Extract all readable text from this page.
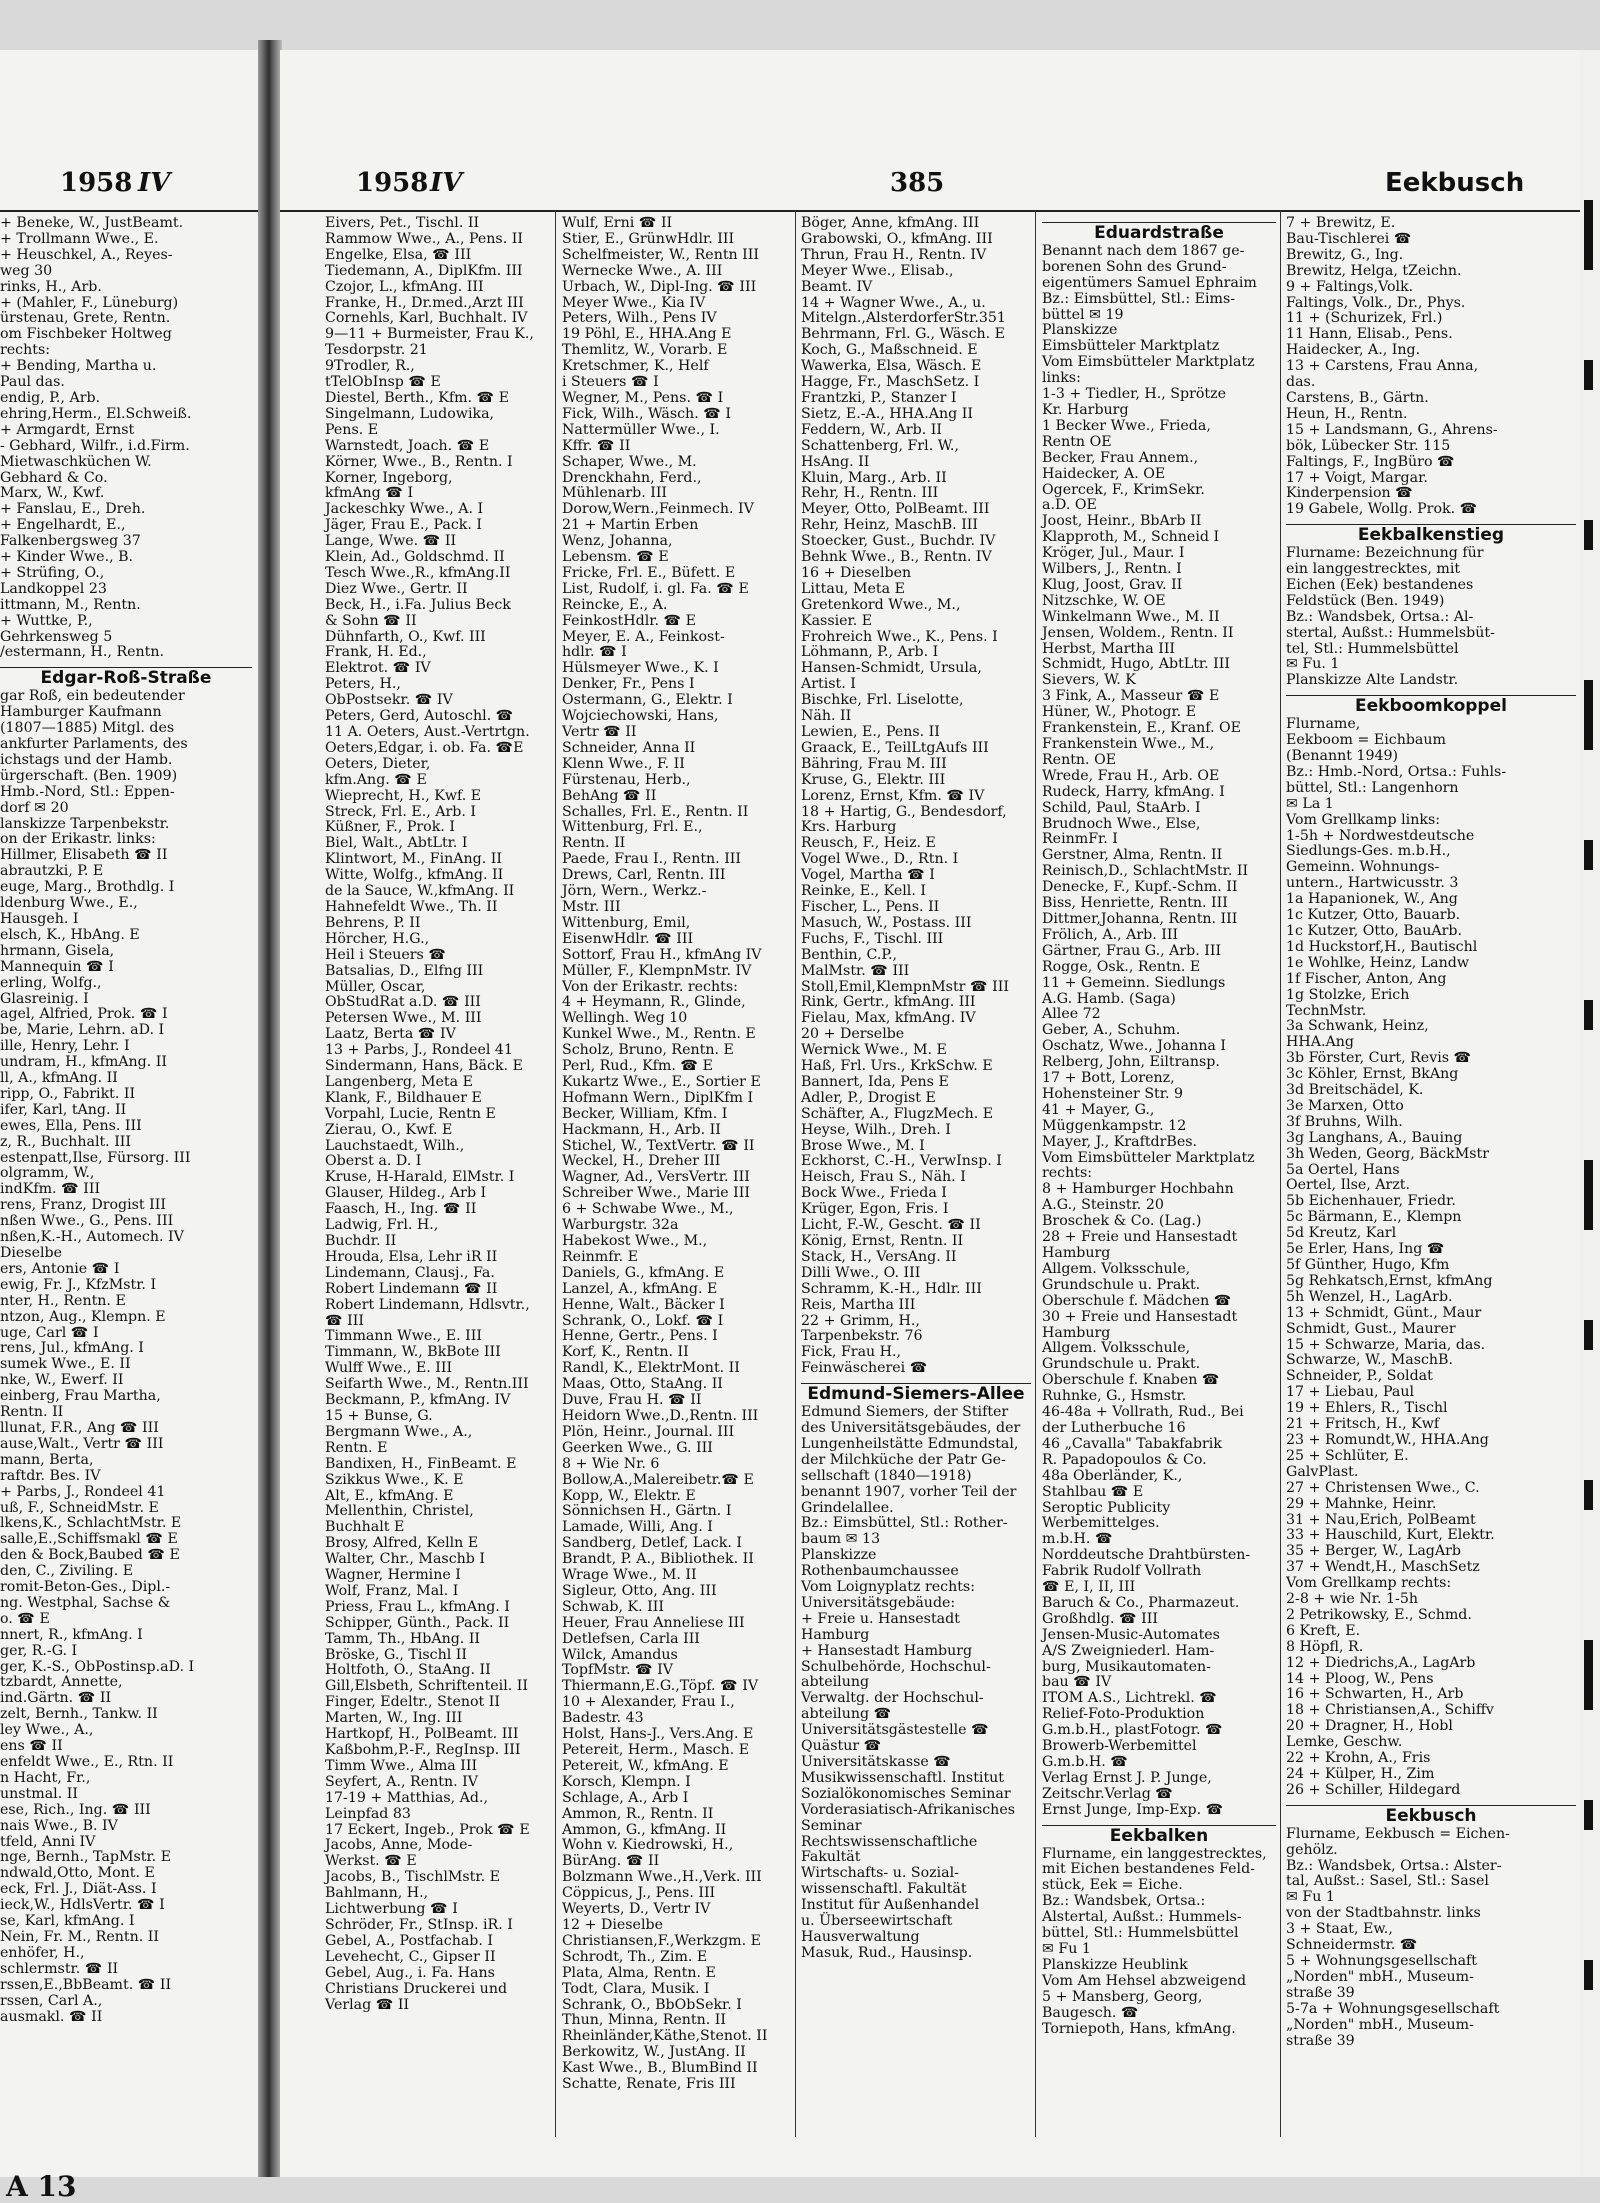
1958 IV
+ Beneke, W., JustBeamt.
+ Trollmann Wwe., E.
+ Heuschkel, A., Reyes-
weg 30
rinks, H., Arb.
+ (Mahler, F., Lüneburg)
ürstenau, Grete, Rentn.
om Fischbeker Holtweg
rechts:
+ Bending, Martha u.
Paul das.
endig, P., Arb.
ehring,Herm., El.Schweiß.
+ Armgardt, Ernst
- Gebhard, Wilfr., i.d.Firm.
Mietwaschküchen W.
Gebhard & Co.
Marx, W., Kwf.
+ Fanslau, E., Dreh.
+ Engelhardt, E.,
Falkenbergsweg 37
+ Kinder Wwe., B.
+ Strüfing, O.,
Landkoppel 23
ittmann, M., Rentn.
+ Wuttke, P.,
Gehrkensweg 5
/estermann, H., Rentn.
Edgar-Roß-Straße
gar Roß, ein bedeutender
Hamburger Kaufmann
(1807—1885) Mitgl. des
ankfurter Parlaments, des
ichstags und der Hamb.
ürgerschaft. (Ben. 1909)
Hmb.-Nord, Stl.: Eppen-
dorf ✉ 20
lanskizze Tarpenbekstr.
on der Erikastr. links:
Hillmer, Elisabeth ☎ II
abrautzki, P. E
euge, Marg., Brothdlg. I
ldenburg Wwe., E.,
Hausgeh. I
elsch, K., HbAng. E
hrmann, Gisela,
Mannequin ☎ I
erling, Wolfg.,
Glasreinig. I
agel, Alfried, Prok. ☎ I
be, Marie, Lehrn. aD. I
ille, Henry, Lehr. I
undram, H., kfmAng. II
ll, A., kfmAng. II
ripp, O., Fabrikt. II
ifer, Karl, tAng. II
ewes, Ella, Pens. III
z, R., Buchhalt. III
estenpatt,Ilse, Fürsorg. III
olgramm, W.,
indKfm. ☎ III
rens, Franz, Drogist III
nßen Wwe., G., Pens. III
nßen,K.-H., Automech. IV
Dieselbe
ers, Antonie ☎ I
ewig, Fr. J., KfzMstr. I
nter, H., Rentn. E
ntzon, Aug., Klempn. E
uge, Carl ☎ I
rens, Jul., kfmAng. I
sumek Wwe., E. II
nke, W., Ewerf. II
einberg, Frau Martha,
Rentn. II
llunat, F.R., Ang ☎ III
ause,Walt., Vertr ☎ III
mann, Berta,
raftdr. Bes. IV
+ Parbs, J., Rondeel 41
uß, F., SchneidMstr. E
lkens,K., SchlachtMstr. E
salle,E.,Schiffsmakl ☎ E
den & Bock,Baubed ☎ E
den, C., Ziviling. E
romit-Beton-Ges., Dipl.-
ng. Westphal, Sachse &
o. ☎ E
nnert, R., kfmAng. I
ger, R.-G. I
ger, K.-S., ObPostinsp.aD. I
tzbardt, Annette,
ind.Gärtn. ☎ II
zelt, Bernh., Tankw. II
ley Wwe., A.,
ens ☎ II
enfeldt Wwe., E., Rtn. II
n Hacht, Fr.,
unstmal. II
ese, Rich., Ing. ☎ III
nais Wwe., B. IV
tfeld, Anni IV
nge, Bernh., TapMstr. E
ndwald,Otto, Mont. E
eck, Frl. J., Diät-Ass. I
ieck,W., HdlsVertr. ☎ I
se, Karl, kfmAng. I
Nein, Fr. M., Rentn. II
enhöfer, H.,
schlermstr. ☎ II
rssen,E.,BbBeamt. ☎ II
rssen, Carl A.,
ausmakl. ☎ II
A 13
1958 IV	385	Eekbusch
Eivers, Pet., Tischl. II
Rammow Wwe., A., Pens. II
Engelke, Elsa, ☎ III
Tiedemann, A., DiplKfm. III
Czojor, L., kfmAng. III
Franke, H., Dr.med.,Arzt III
Cornehls, Karl, Buchhalt. IV
9—11 + Burmeister, Frau K.,
Tesdorpstr. 21
9Trodler, R.,
tTelObInsp ☎ E
Diestel, Berth., Kfm. ☎ E
Singelmann, Ludowika,
Pens. E
Warnstedt, Joach. ☎ E
Körner, Wwe., B., Rentn. I
Korner, Ingeborg,
kfmAng ☎ I
Jackeschky Wwe., A. I
Jäger, Frau E., Pack. I
Lange, Wwe. ☎ II
Klein, Ad., Goldschmd. II
Tesch Wwe.,R., kfmAng.II
Diez Wwe., Gertr. II
Beck, H., i.Fa. Julius Beck
& Sohn ☎ II
Dühnfarth, O., Kwf. III
Frank, H. Ed.,
Elektrot. ☎ IV
Peters, H.,
ObPostsekr. ☎ IV
Peters, Gerd, Autoschl. ☎
11 A. Oeters, Aust.-Vertrtgn.
Oeters,Edgar, i. ob. Fa. ☎E
Oeters, Dieter,
kfm.Ang. ☎ E
Wieprecht, H., Kwf. E
Streck, Frl. E., Arb. I
Küßner, F., Prok. I
Biel, Walt., AbtLtr. I
Klintwort, M., FinAng. II
Witte, Wolfg., kfmAng. II
de la Sauce, W.,kfmAng. II
Hahnefeldt Wwe., Th. II
Behrens, P. II
Hörcher, H.G.,
Heil i Steuers ☎
Batsalias, D., Elfng III
Müller, Oscar,
ObStudRat a.D. ☎ III
Petersen Wwe., M. III
Laatz, Berta ☎ IV
13 + Parbs, J., Rondeel 41
Sindermann, Hans, Bäck. E
Langenberg, Meta E
Klank, F., Bildhauer E
Vorpahl, Lucie, Rentn E
Zierau, O., Kwf. E
Lauchstaedt, Wilh.,
Oberst a. D. I
Kruse, H-Harald, ElMstr. I
Glauser, Hildeg., Arb I
Faasch, H., Ing. ☎ II
Ladwig, Frl. H.,
Buchdr. II
Hrouda, Elsa, Lehr iR II
Lindemann, Clausj., Fa.
Robert Lindemann ☎ II
Robert Lindemann, Hdlsvtr.,
☎ III
Timmann Wwe., E. III
Timmann, W., BkBote III
Wulff Wwe., E. III
Seifarth Wwe., M., Rentn.III
Beckmann, P., kfmAng. IV
15 + Bunse, G.
Bergmann Wwe., A.,
Rentn. E
Bandixen, H., FinBeamt. E
Szikkus Wwe., K. E
Alt, E., kfmAng. E
Mellenthin, Christel,
Buchhalt E
Brosy, Alfred, Kelln E
Walter, Chr., Maschb I
Wagner, Hermine I
Wolf, Franz, Mal. I
Priess, Frau L., kfmAng. I
Schipper, Günth., Pack. II
Tamm, Th., HbAng. II
Bröske, G., Tischl II
Holtfoth, O., StaAng. II
Gill,Elsbeth, Schriftenteil. II
Finger, Edeltr., Stenot II
Marten, W., Ing. III
Hartkopf, H., PolBeamt. III
Kaßbohm,P.-F., RegInsp. III
Timm Wwe., Alma III
Seyfert, A., Rentn. IV
17-19 + Matthias, Ad.,
Leinpfad 83
17 Eckert, Ingeb., Prok ☎ E
Jacobs, Anne, Mode-
Werkst. ☎ E
Jacobs, B., TischlMstr. E
Bahlmann, H.,
Lichtwerbung ☎ I
Schröder, Fr., StInsp. iR. I
Gebel, A., Postfachab. I
Levehecht, C., Gipser II
Gebel, Aug., i. Fa. Hans
Christians Druckerei und
Verlag ☎ II
Wulf, Erni ☎ II
Stier, E., GrünwHdlr. III
Schelfmeister, W., Rentn III
Wernecke Wwe., A. III
Urbach, W., Dipl-Ing. ☎ III
Meyer Wwe., Kia IV
Peters, Wilh., Pens IV
19 Pöhl, E., HHA.Ang E
Themlitz, W., Vorarb. E
Kretschmer, K., Helf
i Steuers ☎ I
Wegner, M., Pens. ☎ I
Fick, Wilh., Wäsch. ☎ I
Nattermüller Wwe., I.
Kffr. ☎ II
Schaper, Wwe., M.
Drenckhahn, Ferd.,
Mühlenarb. III
Dorow,Wern.,Feinmech. IV
21 + Martin Erben
Wenz, Johanna,
Lebensm. ☎ E
Fricke, Frl. E., Büfett. E
List, Rudolf, i. gl. Fa. ☎ E
Reincke, E., A.
FeinkostHdlr. ☎ E
Meyer, E. A., Feinkost-
hdlr. ☎ I
Hülsmeyer Wwe., K. I
Denker, Fr., Pens I
Ostermann, G., Elektr. I
Wojciechowski, Hans,
Vertr ☎ II
Schneider, Anna II
Klenn Wwe., F. II
Fürstenau, Herb.,
BehAng ☎ II
Schalles, Frl. E., Rentn. II
Wittenburg, Frl. E.,
Rentn. II
Paede, Frau I., Rentn. III
Drews, Carl, Rentn. III
Jörn, Wern., Werkz.-
Mstr. III
Wittenburg, Emil,
EisenwHdlr. ☎ III
Sottorf, Frau H., kfmAng IV
Müller, F., KlempnMstr. IV
Von der Erikastr. rechts:
4 + Heymann, R., Glinde,
Wellingh. Weg 10
Kunkel Wwe., M., Rentn. E
Scholz, Bruno, Rentn. E
Perl, Rud., Kfm. ☎ E
Kukartz Wwe., E., Sortier E
Hofmann Wern., DiplKfm I
Becker, William, Kfm. I
Hackmann, H., Arb. II
Stichel, W., TextVertr. ☎ II
Weckel, H., Dreher III
Wagner, Ad., VersVertr. III
Schreiber Wwe., Marie III
6 + Schwabe Wwe., M.,
Warburgstr. 32a
Habekost Wwe., M.,
Reinmfr. E
Daniels, G., kfmAng. E
Lanzel, A., kfmAng. E
Henne, Walt., Bäcker I
Schrank, O., Lokf. ☎ I
Henne, Gertr., Pens. I
Korf, K., Rentn. II
Randl, K., ElektrMont. II
Maas, Otto, StaAng. II
Duve, Frau H. ☎ II
Heidorn Wwe.,D.,Rentn. III
Plön, Heinr., Journal. III
Geerken Wwe., G. III
8 + Wie Nr. 6
Bollow,A.,Malereibetr.☎ E
Kopp, W., Elektr. E
Sönnichsen H., Gärtn. I
Lamade, Willi, Ang. I
Sandberg, Detlef, Lack. I
Brandt, P. A., Bibliothek. II
Wrage Wwe., M. II
Sigleur, Otto, Ang. III
Schwab, K. III
Heuer, Frau Anneliese III
Detlefsen, Carla III
Wilck, Amandus
TopfMstr. ☎ IV
Thiermann,E.G.,Töpf. ☎ IV
10 + Alexander, Frau I.,
Badestr. 43
Holst, Hans-J., Vers.Ang. E
Petereit, Herm., Masch. E
Petereit, W., kfmAng. E
Korsch, Klempn. I
Schlage, A., Arb I
Ammon, R., Rentn. II
Ammon, G., kfmAng. II
Wohn v. Kiedrowski, H.,
BürAng. ☎ II
Bolzmann Wwe.,H.,Verk. III
Cöppicus, J., Pens. III
Weyerts, D., Vertr IV
12 + Dieselbe
Christiansen,F.,Werkzgm. E
Schrodt, Th., Zim. E
Plata, Alma, Rentn. E
Todt, Clara, Musik. I
Schrank, O., BbObSekr. I
Thun, Minna, Rentn. II
Rheinländer,Käthe,Stenot. II
Berkowitz, W., JustAng. II
Kast Wwe., B., BlumBind II
Schatte, Renate, Fris III
Böger, Anne, kfmAng. III
Grabowski, O., kfmAng. III
Thrun, Frau H., Rentn. IV
Meyer Wwe., Elisab.,
Beamt. IV
14 + Wagner Wwe., A., u.
Mitelgn.,AlsterdorferStr.351
Behrmann, Frl. G., Wäsch. E
Koch, G., Maßschneid. E
Wawerka, Elsa, Wäsch. E
Hagge, Fr., MaschSetz. I
Frantzki, P., Stanzer I
Sietz, E.-A., HHA.Ang II
Feddern, W., Arb. II
Schattenberg, Frl. W.,
HsAng. II
Kluin, Marg., Arb. II
Rehr, H., Rentn. III
Meyer, Otto, PolBeamt. III
Rehr, Heinz, MaschB. III
Stoecker, Gust., Buchdr. IV
Behnk Wwe., B., Rentn. IV
16 + Dieselben
Littau, Meta E
Gretenkord Wwe., M.,
Kassier. E
Frohreich Wwe., K., Pens. I
Löhmann, P., Arb. I
Hansen-Schmidt, Ursula,
Artist. I
Bischke, Frl. Liselotte,
Näh. II
Lewien, E., Pens. II
Graack, E., TeilLtgAufs III
Bähring, Frau M. III
Kruse, G., Elektr. III
Lorenz, Ernst, Kfm. ☎ IV
18 + Hartig, G., Bendesdorf,
Krs. Harburg
Reusch, F., Heiz. E
Vogel Wwe., D., Rtn. I
Vogel, Martha ☎ I
Reinke, E., Kell. I
Fischer, L., Pens. II
Masuch, W., Postass. III
Fuchs, F., Tischl. III
Benthin, C.P.,
MalMstr. ☎ III
Stoll,Emil,KlempnMstr ☎ III
Rink, Gertr., kfmAng. III
Fielau, Max, kfmAng. IV
20 + Derselbe
Wernick Wwe., M. E
Haß, Frl. Urs., KrkSchw. E
Bannert, Ida, Pens E
Adler, P., Drogist E
Schäfter, A., FlugzMech. E
Heyse, Wilh., Dreh. I
Brose Wwe., M. I
Eckhorst, C.-H., VerwInsp. I
Heisch, Frau S., Näh. I
Bock Wwe., Frieda I
Krüger, Egon, Fris. I
Licht, F.-W., Gescht. ☎ II
König, Ernst, Rentn. II
Stack, H., VersAng. II
Dilli Wwe., O. III
Schramm, K.-H., Hdlr. III
Reis, Martha III
22 + Grimm, H.,
Tarpenbekstr. 76
Fick, Frau H.,
Feinwäscherei ☎
Edmund-Siemers-Allee
Edmund Siemers, der Stifter
des Universitätsgebäudes, der
Lungenheilstätte Edmundstal,
der Milchküche der Patr Ge-
sellschaft (1840—1918)
benannt 1907, vorher Teil der
Grindelallee.
Bz.: Eimsbüttel, Stl.: Rother-
baum ✉ 13
Planskizze
Rothenbaumchaussee
Vom Loignyplatz rechts:
Universitätsgebäude:
+ Freie u. Hansestadt
Hamburg
+ Hansestadt Hamburg
Schulbehörde, Hochschul-
abteilung
Verwaltg. der Hochschul-
abteilung ☎
Universitätsgästestelle ☎
Quästur ☎
Universitätskasse ☎
Musikwissenschaftl. Institut
Sozialökonomisches Seminar
Vorderasiatisch-Afrikanisches
Seminar
Rechtswissenschaftliche
Fakultät
Wirtschafts- u. Sozial-
wissenschaftl. Fakultät
Institut für Außenhandel
u. Überseewirtschaft
Hausverwaltung
Masuk, Rud., Hausinsp.
Eduardstraße
Benannt nach dem 1867 ge-
borenen Sohn des Grund-
eigentümers Samuel Ephraim
Bz.: Eimsbüttel, Stl.: Eims-
büttel ✉ 19
Planskizze
Eimsbütteler Marktplatz
Vom Eimsbütteler Marktplatz
links:
1-3 + Tiedler, H., Sprötze
Kr. Harburg
1 Becker Wwe., Frieda,
Rentn OE
Becker, Frau Annem.,
Haidecker, A. OE
Ogercek, F., KrimSekr.
a.D. OE
Joost, Heinr., BbArb II
Klapproth, M., Schneid I
Kröger, Jul., Maur. I
Wilbers, J., Rentn. I
Klug, Joost, Grav. II
Nitzschke, W. OE
Winkelmann Wwe., M. II
Jensen, Woldem., Rentn. II
Herbst, Martha III
Schmidt, Hugo, AbtLtr. III
Sievers, W. K
3 Fink, A., Masseur ☎ E
Hüner, W., Photogr. E
Frankenstein, E., Kranf. OE
Frankenstein Wwe., M.,
Rentn. OE
Wrede, Frau H., Arb. OE
Rudeck, Harry, kfmAng. I
Schild, Paul, StaArb. I
Brudnoch Wwe., Else,
ReinmFr. I
Gerstner, Alma, Rentn. II
Reinisch,D., SchlachtMstr. II
Denecke, F., Kupf.-Schm. II
Biss, Henriette, Rentn. III
Dittmer,Johanna, Rentn. III
Frölich, A., Arb. III
Gärtner, Frau G., Arb. III
Rogge, Osk., Rentn. E
11 + Gemeinn. Siedlungs
A.G. Hamb. (Saga)
Allee 72
Geber, A., Schuhm.
Oschatz, Wwe., Johanna I
Relberg, John, Eiltransp.
17 + Bott, Lorenz,
Hohensteiner Str. 9
41 + Mayer, G.,
Müggenkampstr. 12
Mayer, J., KraftdrBes.
Vom Eimsbütteler Marktplatz
rechts:
8 + Hamburger Hochbahn
A.G., Steinstr. 20
Broschek & Co. (Lag.)
28 + Freie und Hansestadt
Hamburg
Allgem. Volksschule,
Grundschule u. Prakt.
Oberschule f. Mädchen ☎
30 + Freie und Hansestadt
Hamburg
Allgem. Volksschule,
Grundschule u. Prakt.
Oberschule f. Knaben ☎
Ruhnke, G., Hsmstr.
46-48a + Vollrath, Rud., Bei
der Lutherbuche 16
46 „Cavalla" Tabakfabrik
R. Papadopoulos & Co.
48a Oberländer, K.,
Stahlbau ☎ E
Seroptic Publicity
Werbemittelges.
m.b.H. ☎
Norddeutsche Drahtbürsten-
Fabrik Rudolf Vollrath
☎ E, I, II, III
Baruch & Co., Pharmazeut.
Großhdlg. ☎ III
Jensen-Music-Automates
A/S Zweigniederl. Ham-
burg, Musikautomaten-
bau ☎ IV
ITOM A.S., Lichtrekl. ☎
Relief-Foto-Produktion
G.m.b.H., plastFotogr. ☎
Browerb-Werbemittel
G.m.b.H. ☎
Verlag Ernst J. P. Junge,
Zeitschr.Verlag ☎
Ernst Junge, Imp-Exp. ☎
Eekbalken
Flurname, ein langgestrecktes,
mit Eichen bestandenes Feld-
stück, Eek = Eiche.
Bz.: Wandsbek, Ortsa.:
Alstertal, Außst.: Hummels-
büttel, Stl.: Hummelsbüttel
✉ Fu 1
Planskizze Heublink
Vom Am Hehsel abzweigend
5 + Mansberg, Georg,
Baugesch. ☎
Torniepoth, Hans, kfmAng.
7 + Brewitz, E.
Bau-Tischlerei ☎
Brewitz, G., Ing.
Brewitz, Helga, tZeichn.
9 + Faltings,Volk.
Faltings, Volk., Dr., Phys.
11 + (Schurizek, Frl.)
11 Hann, Elisab., Pens.
Haidecker, A., Ing.
13 + Carstens, Frau Anna,
das.
Carstens, B., Gärtn.
Heun, H., Rentn.
15 + Landsmann, G., Ahrens-
bök, Lübecker Str. 115
Faltings, F., IngBüro ☎
17 + Voigt, Margar.
Kinderpension ☎
19 Gabele, Wollg. Prok. ☎
Eekbalkenstieg
Flurname: Bezeichnung für
ein langgestrecktes, mit
Eichen (Eek) bestandenes
Feldstück (Ben. 1949)
Bz.: Wandsbek, Ortsa.: Al-
stertal, Außst.: Hummelsbüt-
tel, Stl.: Hummelsbüttel
✉ Fu. 1
Planskizze Alte Landstr.
Eekboomkoppel
Flurname,
Eekboom = Eichbaum
(Benannt 1949)
Bz.: Hmb.-Nord, Ortsa.: Fuhls-
büttel, Stl.: Langenhorn
✉ La 1
Vom Grellkamp links:
1-5h + Nordwestdeutsche
Siedlungs-Ges. m.b.H.,
Gemeinn. Wohnungs-
untern., Hartwicusstr. 3
1a Hapanionek, W., Ang
1c Kutzer, Otto, Bauarb.
1c Kutzer, Otto, BauArb.
1d Huckstorf,H., Bautischl
1e Wohlke, Heinz, Landw
1f Fischer, Anton, Ang
1g Stolzke, Erich
TechnMstr.
3a Schwank, Heinz,
HHA.Ang
3b Förster, Curt, Revis ☎
3c Köhler, Ernst, BkAng
3d Breitschädel, K.
3e Marxen, Otto
3f Bruhns, Wilh.
3g Langhans, A., Bauing
3h Weden, Georg, BäckMstr
5a Oertel, Hans
Oertel, Ilse, Arzt.
5b Eichenhauer, Friedr.
5c Bärmann, E., Klempn
5d Kreutz, Karl
5e Erler, Hans, Ing ☎
5f Günther, Hugo, Kfm
5g Rehkatsch,Ernst, kfmAng
5h Wenzel, H., LagArb.
13 + Schmidt, Günt., Maur
Schmidt, Gust., Maurer
15 + Schwarze, Maria, das.
Schwarze, W., MaschB.
Schneider, P., Soldat
17 + Liebau, Paul
19 + Ehlers, R., Tischl
21 + Fritsch, H., Kwf
23 + Romundt,W., HHA.Ang
25 + Schlüter, E.
GalvPlast.
27 + Christensen Wwe., C.
29 + Mahnke, Heinr.
31 + Nau,Erich, PolBeamt
33 + Hauschild, Kurt, Elektr.
35 + Berger, W., LagArb
37 + Wendt,H., MaschSetz
Vom Grellkamp rechts:
2-8 + wie Nr. 1-5h
2 Petrikowsky, E., Schmd.
6 Kreft, E.
8 Höpfl, R.
12 + Diedrichs,A., LagArb
14 + Ploog, W., Pens
16 + Schwarten, H., Arb
18 + Christiansen,A., Schiffv
20 + Dragner, H., Hobl
Lemke, Geschw.
22 + Krohn, A., Fris
24 + Külper, H., Zim
26 + Schiller, Hildegard
Eekbusch
Flurname, Eekbusch = Eichen-
gehölz.
Bz.: Wandsbek, Ortsa.: Alster-
tal, Außst.: Sasel, Stl.: Sasel
✉ Fu 1
von der Stadtbahnstr. links
3 + Staat, Ew.,
Schneidermstr. ☎
5 + Wohnungsgesellschaft
„Norden" mbH., Museum-
straße 39
5-7a + Wohnungsgesellschaft
„Norden" mbH., Museum-
straße 39
